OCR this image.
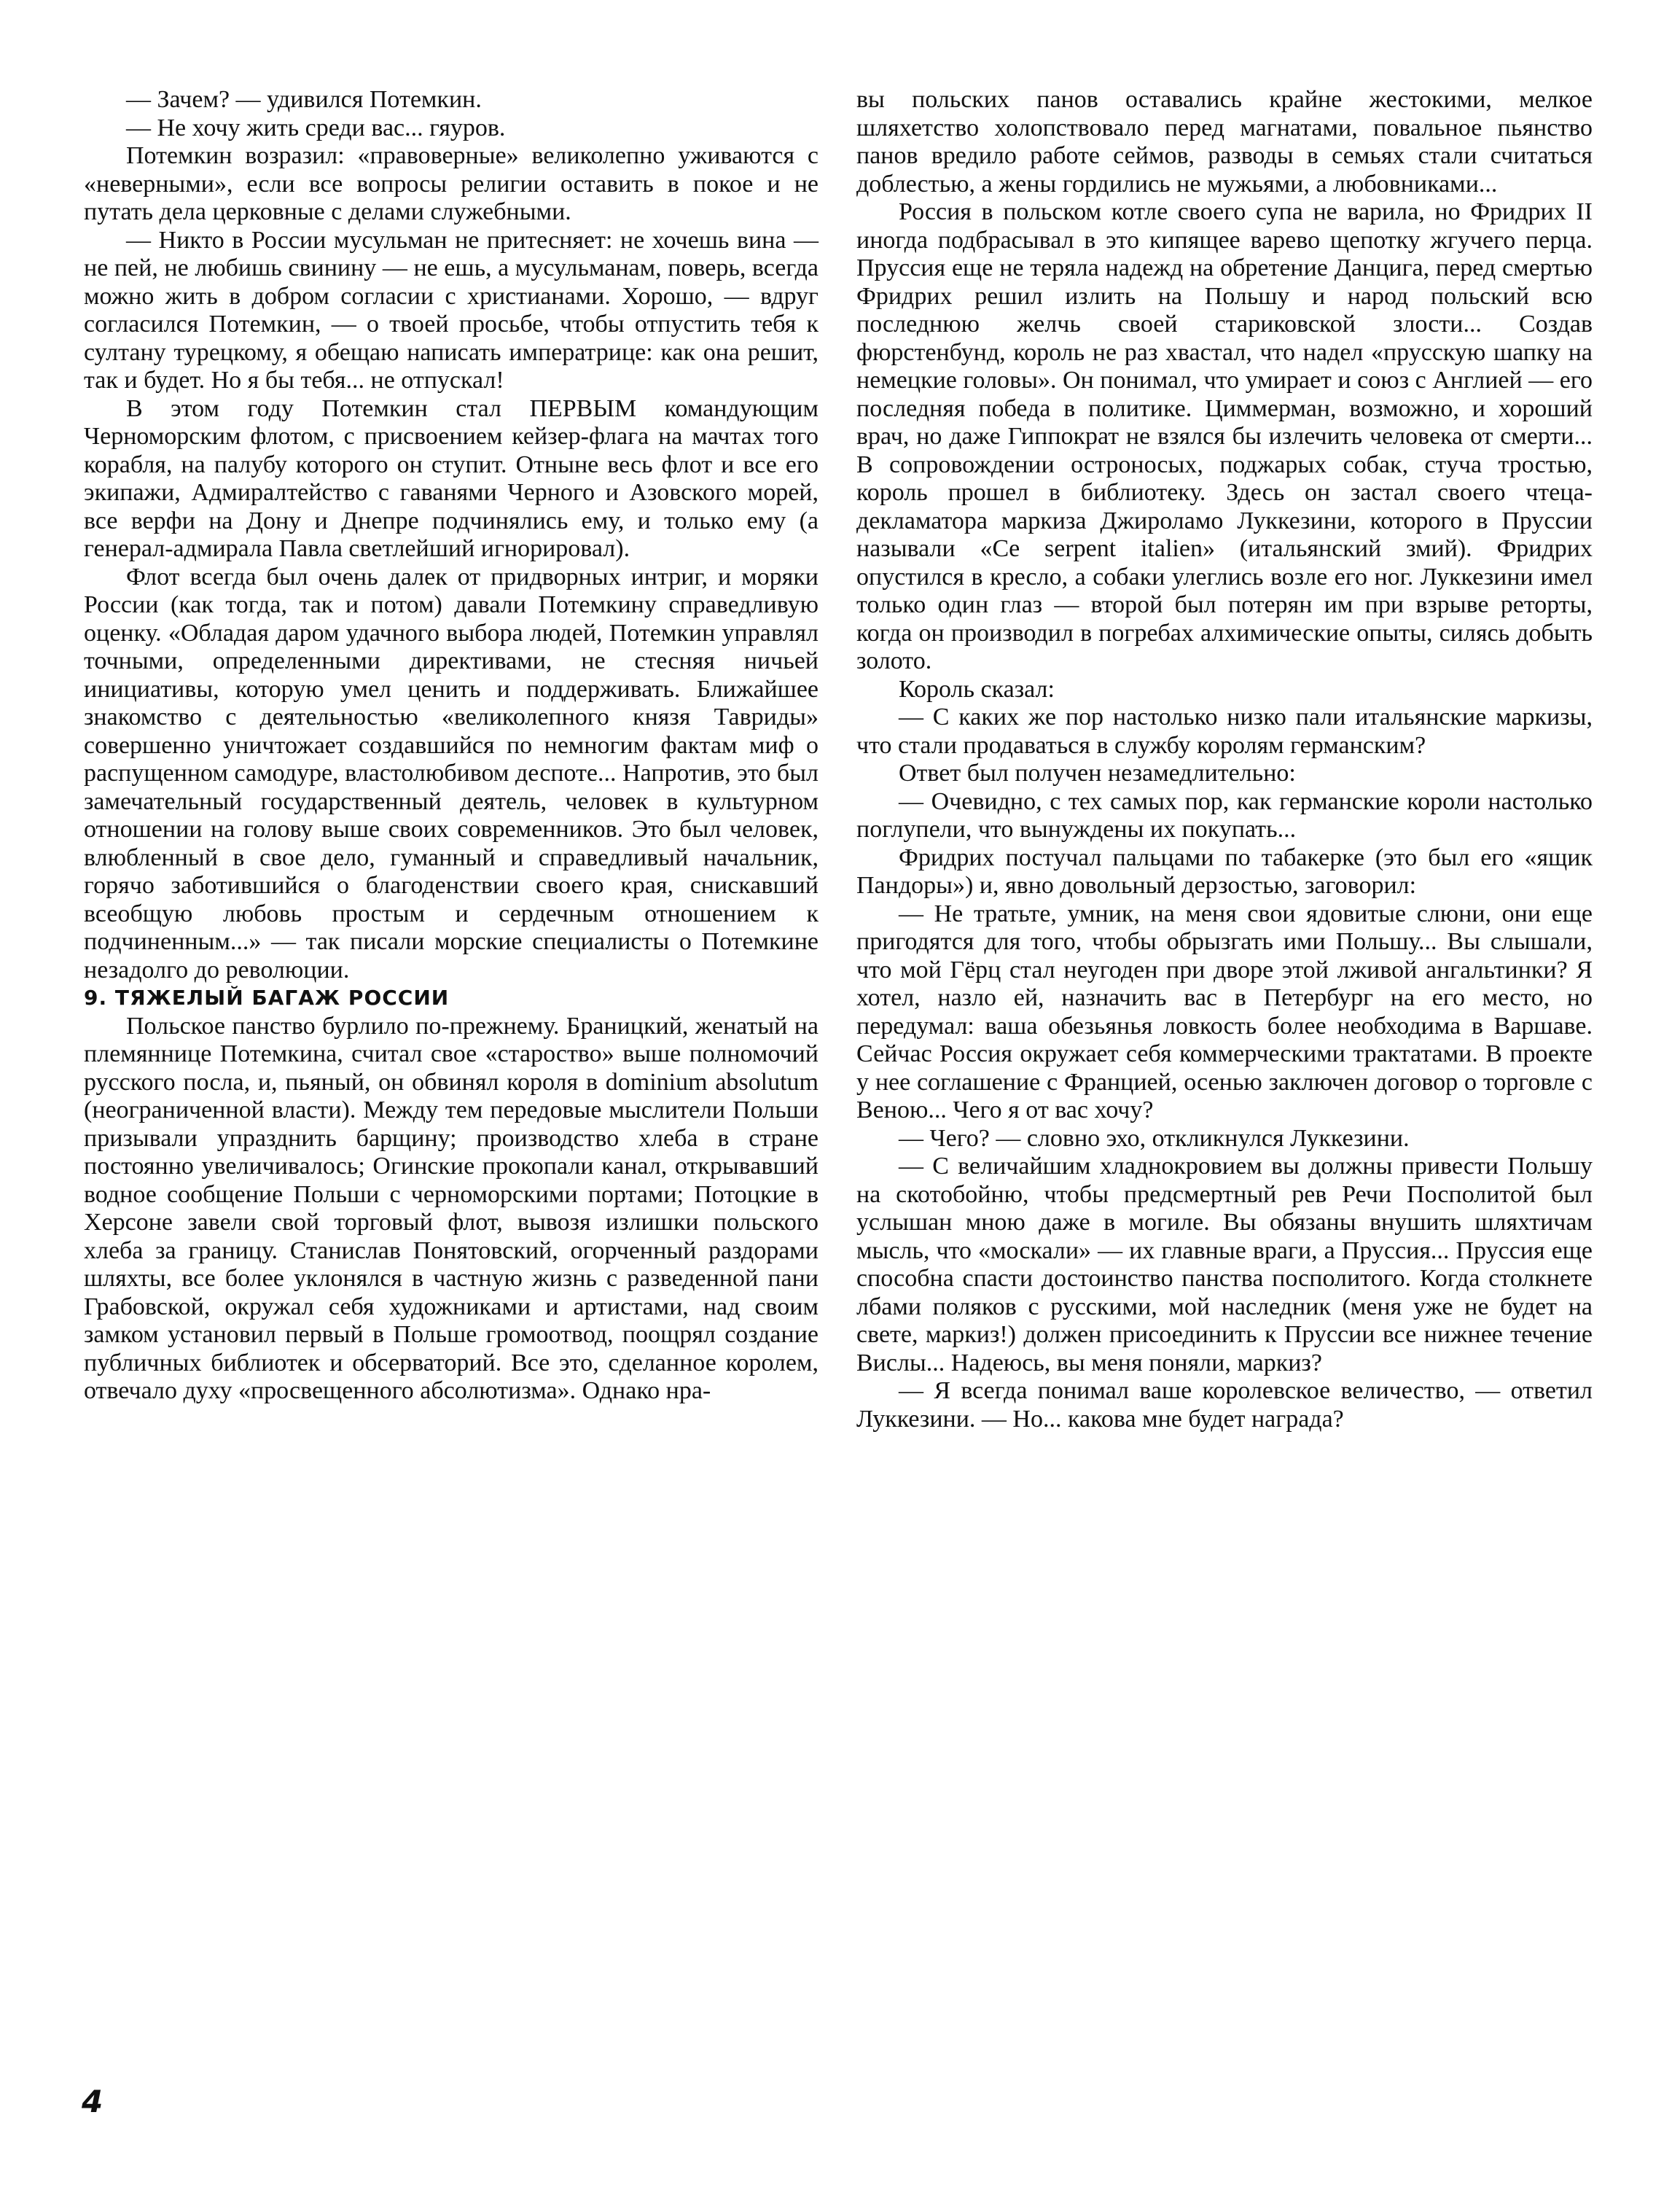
— Зачем? — удивился Потемкин.

— Не хочу жить среди вас... гяуров.

Потемкин возразил: «правоверные» великолепно уживаются с «неверными», если все вопросы религии оставить в покое и не путать дела церковные с делами служебными.

— Никто в России мусульман не притесняет: не хочешь вина — не пей, не любишь свинину — не ешь, а мусульманам, поверь, всегда можно жить в добром согласии с христианами. Хорошо, — вдруг согласился Потемкин, — о твоей просьбе, чтобы отпустить тебя к султану турецкому, я обещаю написать императрице: как она решит, так и будет. Но я бы тебя... не отпускал!

В этом году Потемкин стал ПЕРВЫМ командующим Черноморским флотом, с присвоением кейзер-флага на мачтах того корабля, на палубу которого он ступит. Отныне весь флот и все его экипажи, Адмиралтейство с гаванями Черного и Азовского морей, все верфи на Дону и Днепре подчинялись ему, и только ему (а генерал-адмирала Павла светлейший игнорировал).

Флот всегда был очень далек от придворных интриг, и моряки России (как тогда, так и потом) давали Потемкину справедливую оценку. «Обладая даром удачного выбора людей, Потемкин управлял точными, определенными директивами, не стесняя ничьей инициативы, которую умел ценить и поддерживать. Ближайшее знакомство с деятельностью «великолепного князя Тавриды» совершенно уничтожает создавшийся по немногим фактам миф о распущенном самодуре, властолюбивом деспоте... Напротив, это был замечательный государственный деятель, человек в культурном отношении на голову выше своих современников. Это был человек, влюбленный в свое дело, гуманный и справедливый начальник, горячо заботившийся о благоденствии своего края, снискавший всеобщую любовь простым и сердечным отношением к подчиненным...» — так писали морские специалисты о Потемкине незадолго до революции.

9. ТЯЖЕЛЫЙ БАГАЖ РОССИИ

Польское панство бурлило по-прежнему. Браницкий, женатый на племяннице Потемкина, считал свое «староство» выше полномочий русского посла, и, пьяный, он обвинял короля в dominium absolutum (неограниченной власти). Между тем передовые мыслители Польши призывали упразднить барщину; производство хлеба в стране постоянно увеличивалось; Огинские прокопали канал, открывавший водное сообщение Польши с черноморскими портами; Потоцкие в Херсоне завели свой торговый флот, вывозя излишки польского хлеба за границу. Станислав Понятовский, огорченный раздорами шляхты, все более уклонялся в частную жизнь с разведенной пани Грабовской, окружал себя художниками и артистами, над своим замком установил первый в Польше громоотвод, поощрял создание публичных библиотек и обсерваторий. Все это, сделанное королем, отвечало духу «просвещенного абсолютизма». Однако нра-

вы польских панов оставались крайне жестокими, мелкое шляхетство холопствовало перед магнатами, повальное пьянство панов вредило работе сеймов, разводы в семьях стали считаться доблестью, а жены гордились не мужьями, а любовниками...

Россия в польском котле своего супа не варила, но Фридрих II иногда подбрасывал в это кипящее варево щепотку жгучего перца. Пруссия еще не теряла надежд на обретение Данцига, перед смертью Фридрих решил излить на Польшу и народ польский всю последнюю желчь своей стариковской злости... Создав фюрстенбунд, король не раз хвастал, что надел «прусскую шапку на немецкие головы». Он понимал, что умирает и союз с Англией — его последняя победа в политике. Циммерман, возможно, и хороший врач, но даже Гиппократ не взялся бы излечить человека от смерти... В сопровождении остроносых, поджарых собак, стуча тростью, король прошел в библиотеку. Здесь он застал своего чтеца-декламатора маркиза Джироламо Луккезини, которого в Пруссии называли «Ce serpent italien» (итальянский змий). Фридрих опустился в кресло, а собаки улеглись возле его ног. Луккезини имел только один глаз — второй был потерян им при взрыве реторты, когда он производил в погребах алхимические опыты, силясь добыть золото.

Король сказал:

— С каких же пор настолько низко пали итальянские маркизы, что стали продаваться в службу королям германским?

Ответ был получен незамедлительно:

— Очевидно, с тех самых пор, как германские короли настолько поглупели, что вынуждены их покупать...

Фридрих постучал пальцами по табакерке (это был его «ящик Пандоры») и, явно довольный дерзостью, заговорил:

— Не тратьте, умник, на меня свои ядовитые слюни, они еще пригодятся для того, чтобы обрызгать ими Польшу... Вы слышали, что мой Гёрц стал неугоден при дворе этой лживой ангальтинки? Я хотел, назло ей, назначить вас в Петербург на его место, но передумал: ваша обезьянья ловкость более необходима в Варшаве. Сейчас Россия окружает себя коммерческими трактатами. В проекте у нее соглашение с Францией, осенью заключен договор о торговле с Веною... Чего я от вас хочу?

— Чего? — словно эхо, откликнулся Луккезини.

— С величайшим хладнокровием вы должны привести Польшу на скотобойню, чтобы предсмертный рев Речи Посполитой был услышан мною даже в могиле. Вы обязаны внушить шляхтичам мысль, что «москали» — их главные враги, а Пруссия... Пруссия еще способна спасти достоинство панства посполитого. Когда столкнете лбами поляков с русскими, мой наследник (меня уже не будет на свете, маркиз!) должен присоединить к Пруссии все нижнее течение Вислы... Надеюсь, вы меня поняли, маркиз?

— Я всегда понимал ваше королевское величество, — ответил Луккезини. — Но... какова мне будет награда?

4
